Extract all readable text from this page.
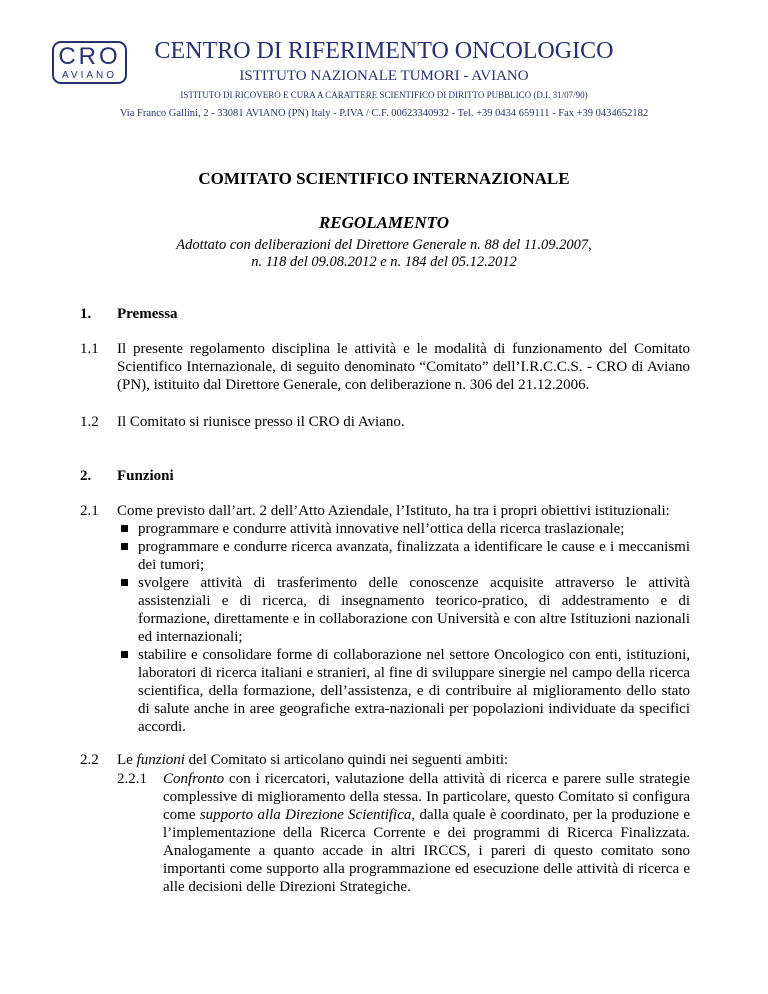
CRO
AVIANO
CENTRO DI RIFERIMENTO ONCOLOGICO
ISTITUTO NAZIONALE TUMORI - AVIANO
ISTITUTO DI RICOVERO E CURA A CARATTERE SCIENTIFICO DI DIRITTO PUBBLICO (D.I. 31/07/90)
Via Franco Gallini, 2 - 33081 AVIANO (PN) Italy - P.IVA / C.F. 00623340932 - Tel. +39 0434 659111 - Fax +39 0434652182
COMITATO SCIENTIFICO INTERNAZIONALE
REGOLAMENTO
Adottato con deliberazioni del Direttore Generale n. 88 del 11.09.2007,
n. 118 del 09.08.2012 e n. 184 del 05.12.2012
1. Premessa
1.1 Il presente regolamento disciplina le attività e le modalità di funzionamento del Comitato Scientifico Internazionale, di seguito denominato “Comitato” dell’I.R.C.C.S. - CRO di Aviano (PN), istituito dal Direttore Generale, con deliberazione n. 306 del 21.12.2006.
1.2 Il Comitato si riunisce presso il CRO di Aviano.
2. Funzioni
2.1 Come previsto dall’art. 2 dell’Atto Aziendale, l’Istituto, ha tra i propri obiettivi istituzionali:
programmare e condurre attività innovative nell’ottica della ricerca traslazionale;
programmare e condurre ricerca avanzata, finalizzata a identificare le cause e i meccanismi dei tumori;
svolgere attività di trasferimento delle conoscenze acquisite attraverso le attività assistenziali e di ricerca, di insegnamento teorico-pratico, di addestramento e di formazione, direttamente e in collaborazione con Università e con altre Istituzioni nazionali ed internazionali;
stabilire e consolidare forme di collaborazione nel settore Oncologico con enti, istituzioni, laboratori di ricerca italiani e stranieri, al fine di sviluppare sinergie nel campo della ricerca scientifica, della formazione, dell’assistenza, e di contribuire al miglioramento dello stato di salute anche in aree geografiche extra-nazionali per popolazioni individuate da specifici accordi.
2.2 Le funzioni del Comitato si articolano quindi nei seguenti ambiti:
2.2.1 Confronto con i ricercatori, valutazione della attività di ricerca e parere sulle strategie complessive di miglioramento della stessa. In particolare, questo Comitato si configura come supporto alla Direzione Scientifica, dalla quale è coordinato, per la produzione e l’implementazione della Ricerca Corrente e dei programmi di Ricerca Finalizzata. Analogamente a quanto accade in altri IRCCS, i pareri di questo comitato sono importanti come supporto alla programmazione ed esecuzione delle attività di ricerca e alle decisioni delle Direzioni Strategiche.
